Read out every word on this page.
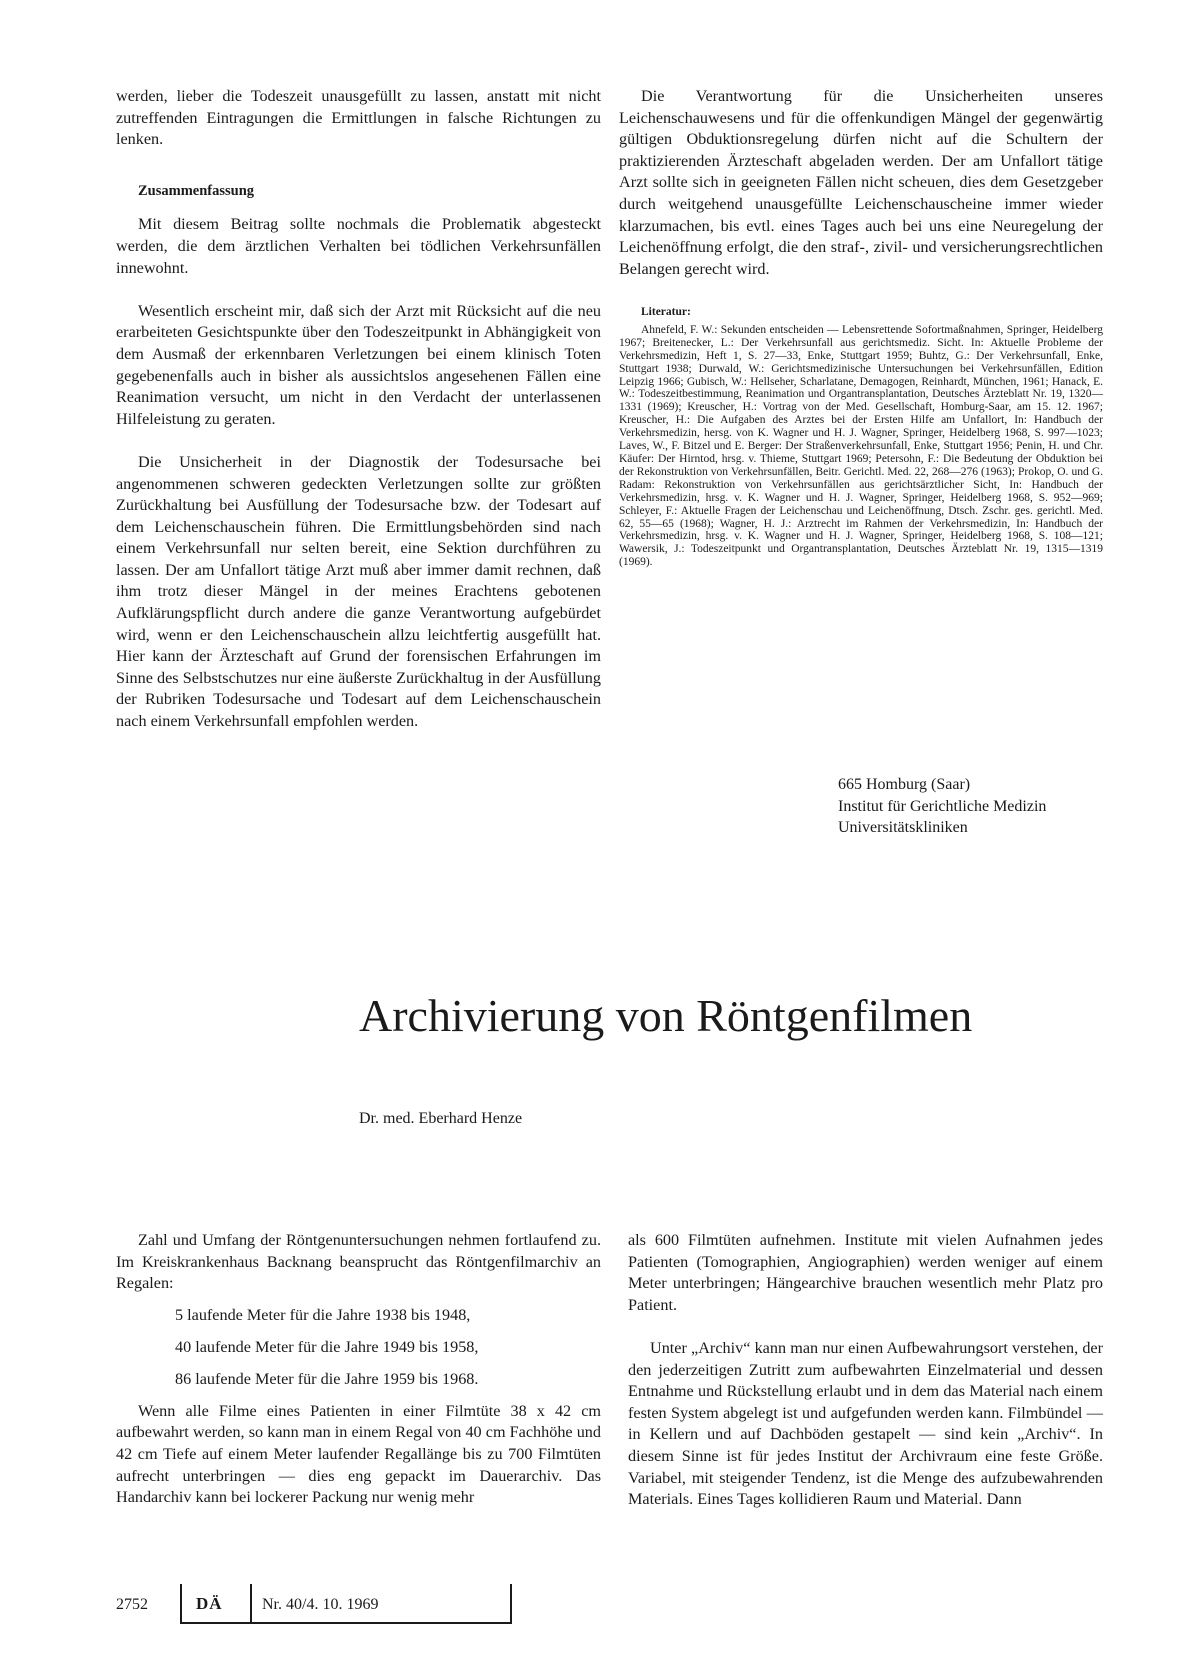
werden, lieber die Todeszeit unausgefüllt zu lassen, anstatt mit nicht zutreffenden Eintragungen die Ermittlungen in falsche Richtungen zu lenken.

Zusammenfassung

Mit diesem Beitrag sollte nochmals die Problematik abgesteckt werden, die dem ärztlichen Verhalten bei tödlichen Verkehrsunfällen innewohnt.

Wesentlich erscheint mir, daß sich der Arzt mit Rücksicht auf die neu erarbeiteten Gesichtspunkte über den Todeszeitpunkt in Abhängigkeit von dem Ausmaß der erkennbaren Verletzungen bei einem klinisch Toten gegebenenfalls auch in bisher als aussichtslos angesehenen Fällen eine Reanimation versucht, um nicht in den Verdacht der unterlassenen Hilfeleistung zu geraten.

Die Unsicherheit in der Diagnostik der Todesursache bei angenommenen schweren gedeckten Verletzungen sollte zur größten Zurückhaltung bei Ausfüllung der Todesursache bzw. der Todesart auf dem Leichenschauschein führen. Die Ermittlungsbehörden sind nach einem Verkehrsunfall nur selten bereit, eine Sektion durchführen zu lassen. Der am Unfallort tätige Arzt muß aber immer damit rechnen, daß ihm trotz dieser Mängel in der meines Erachtens gebotenen Aufklärungspflicht durch andere die ganze Verantwortung aufgebürdet wird, wenn er den Leichenschauschein allzu leichtfertig ausgefüllt hat. Hier kann der Ärzteschaft auf Grund der forensischen Erfahrungen im Sinne des Selbstschutzes nur eine äußerste Zurückhaltug in der Ausfüllung der Rubriken Todesursache und Todesart auf dem Leichenschauschein nach einem Verkehrsunfall empfohlen werden.

Die Verantwortung für die Unsicherheiten unseres Leichenschauwesens und für die offenkundigen Mängel der gegenwärtig gültigen Obduktionsregelung dürfen nicht auf die Schultern der praktizierenden Ärzteschaft abgeladen werden. Der am Unfallort tätige Arzt sollte sich in geeigneten Fällen nicht scheuen, dies dem Gesetzgeber durch weitgehend unausgefüllte Leichenschauscheine immer wieder klarzumachen, bis evtl. eines Tages auch bei uns eine Neuregelung der Leichenöffnung erfolgt, die den straf-, zivil- und versicherungsrechtlichen Belangen gerecht wird.

Literatur:

Ahnefeld, F. W.: Sekunden entscheiden — Lebensrettende Sofortmaßnahmen, Springer, Heidelberg 1967; Breitenecker, L.: Der Verkehrsunfall aus gerichtsmediz. Sicht. In: Aktuelle Probleme der Verkehrsmedizin, Heft 1, S. 27—33, Enke, Stuttgart 1959; Buhtz, G.: Der Verkehrsunfall, Enke, Stuttgart 1938; Durwald, W.: Gerichtsmedizinische Untersuchungen bei Verkehrsunfällen, Edition Leipzig 1966; Gubisch, W.: Hellseher, Scharlatane, Demagogen, Reinhardt, München, 1961; Hanack, E. W.: Todeszeitbestimmung, Reanimation und Organtransplantation, Deutsches Ärzteblatt Nr. 19, 1320—1331 (1969); Kreuscher, H.: Vortrag von der Med. Gesellschaft, Homburg-Saar, am 15. 12. 1967; Kreuscher, H.: Die Aufgaben des Arztes bei der Ersten Hilfe am Unfallort, In: Handbuch der Verkehrsmedizin, hersg. von K. Wagner und H. J. Wagner, Springer, Heidelberg 1968, S. 997—1023; Laves, W., F. Bitzel und E. Berger: Der Straßenverkehrsunfall, Enke, Stuttgart 1956; Penin, H. und Chr. Käufer: Der Hirntod, hrsg. v. Thieme, Stuttgart 1969; Petersohn, F.: Die Bedeutung der Obduktion bei der Rekonstruktion von Verkehrsunfällen, Beitr. Gerichtl. Med. 22, 268—276 (1963); Prokop, O. und G. Radam: Rekonstruktion von Verkehrsunfällen aus gerichtsärztlicher Sicht, In: Handbuch der Verkehrsmedizin, hrsg. v. K. Wagner und H. J. Wagner, Springer, Heidelberg 1968, S. 952—969; Schleyer, F.: Aktuelle Fragen der Leichenschau und Leichenöffnung, Dtsch. Zschr. ges. gerichtl. Med. 62, 55—65 (1968); Wagner, H. J.: Arztrecht im Rahmen der Verkehrsmedizin, In: Handbuch der Verkehrsmedizin, hrsg. v. K. Wagner und H. J. Wagner, Springer, Heidelberg 1968, S. 108—121; Wawersik, J.: Todeszeitpunkt und Organtransplantation, Deutsches Ärzteblatt Nr. 19, 1315—1319 (1969).

665 Homburg (Saar)
Institut für Gerichtliche Medizin
Universitätskliniken
Archivierung von Röntgenfilmen
Dr. med. Eberhard Henze

Zahl und Umfang der Röntgenuntersuchungen nehmen fortlaufend zu. Im Kreiskrankenhaus Backnang beansprucht das Röntgenfilmarchiv an Regalen:

5 laufende Meter für die Jahre 1938 bis 1948,

40 laufende Meter für die Jahre 1949 bis 1958,

86 laufende Meter für die Jahre 1959 bis 1968.

Wenn alle Filme eines Patienten in einer Filmtüte 38 x 42 cm aufbewahrt werden, so kann man in einem Regal von 40 cm Fachhöhe und 42 cm Tiefe auf einem Meter laufender Regallänge bis zu 700 Filmtüten aufrecht unterbringen — dies eng gepackt im Dauerarchiv. Das Handarchiv kann bei lockerer Packung nur wenig mehr

als 600 Filmtüten aufnehmen. Institute mit vielen Aufnahmen jedes Patienten (Tomographien, Angiographien) werden weniger auf einem Meter unterbringen; Hängearchive brauchen wesentlich mehr Platz pro Patient.

Unter „Archiv“ kann man nur einen Aufbewahrungsort verstehen, der den jederzeitigen Zutritt zum aufbewahrten Einzelmaterial und dessen Entnahme und Rückstellung erlaubt und in dem das Material nach einem festen System abgelegt ist und aufgefunden werden kann. Filmbündel — in Kellern und auf Dachböden gestapelt — sind kein „Archiv“. In diesem Sinne ist für jedes Institut der Archivraum eine feste Größe. Variabel, mit steigender Tendenz, ist die Menge des aufzubewahrenden Materials. Eines Tages kollidieren Raum und Material. Dann

2752	DÄ Nr. 40/4. 10. 1969
